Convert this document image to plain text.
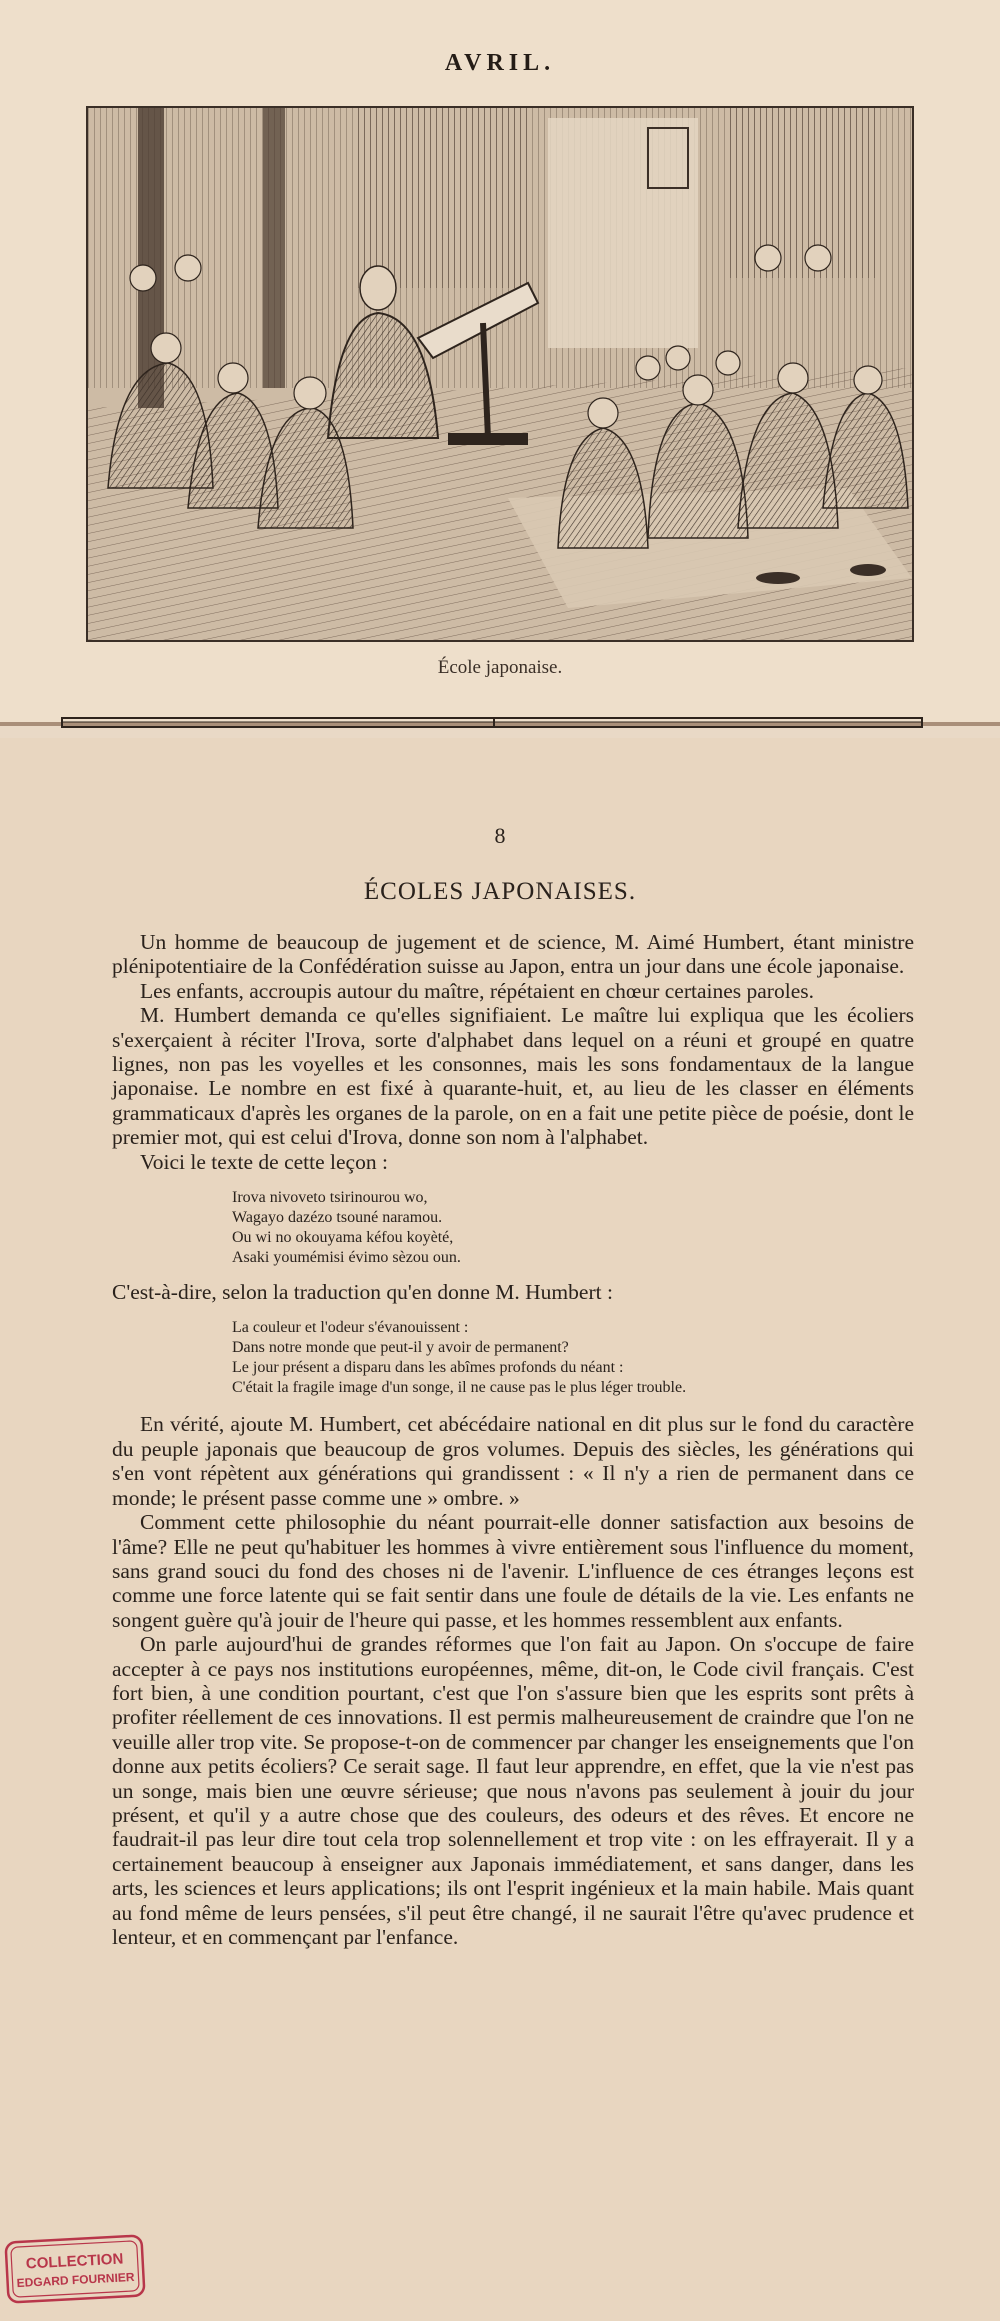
AVRIL.
École japonaise.
8
ÉCOLES JAPONAISES.

Un homme de beaucoup de jugement et de science, M. Aimé Humbert, étant ministre plénipotentiaire de la Confédération suisse au Japon, entra un jour dans une école japonaise.

Les enfants, accroupis autour du maître, répétaient en chœur certaines paroles.

M. Humbert demanda ce qu'elles signifiaient. Le maître lui expliqua que les écoliers s'exerçaient à réciter l'Irova, sorte d'alphabet dans lequel on a réuni et groupé en quatre lignes, non pas les voyelles et les consonnes, mais les sons fondamentaux de la langue japonaise. Le nombre en est fixé à quarante-huit, et, au lieu de les classer en éléments grammaticaux d'après les organes de la parole, on en a fait une petite pièce de poésie, dont le premier mot, qui est celui d'Irova, donne son nom à l'alphabet.

Voici le texte de cette leçon :

Irova nivoveto tsirinourou wo,
Wagayo dazézo tsouné naramou.
Ou wi no okouyama kéfou koyèté,
Asaki youmémisi évimo sèzou oun.

C'est-à-dire, selon la traduction qu'en donne M. Humbert :

La couleur et l'odeur s'évanouissent :
Dans notre monde que peut-il y avoir de permanent?
Le jour présent a disparu dans les abîmes profonds du néant :
C'était la fragile image d'un songe, il ne cause pas le plus léger trouble.

En vérité, ajoute M. Humbert, cet abécédaire national en dit plus sur le fond du caractère du peuple japonais que beaucoup de gros volumes. Depuis des siècles, les générations qui s'en vont répètent aux générations qui grandissent : « Il n'y a rien de permanent dans ce monde; le présent passe comme une » ombre. »

Comment cette philosophie du néant pourrait-elle donner satisfaction aux besoins de l'âme? Elle ne peut qu'habituer les hommes à vivre entièrement sous l'influence du moment, sans grand souci du fond des choses ni de l'avenir. L'influence de ces étranges leçons est comme une force latente qui se fait sentir dans une foule de détails de la vie. Les enfants ne songent guère qu'à jouir de l'heure qui passe, et les hommes ressemblent aux enfants.

On parle aujourd'hui de grandes réformes que l'on fait au Japon. On s'occupe de faire accepter à ce pays nos institutions européennes, même, dit-on, le Code civil français. C'est fort bien, à une condition pourtant, c'est que l'on s'assure bien que les esprits sont prêts à profiter réellement de ces innovations. Il est permis malheureusement de craindre que l'on ne veuille aller trop vite. Se propose-t-on de commencer par changer les enseignements que l'on donne aux petits écoliers? Ce serait sage. Il faut leur apprendre, en effet, que la vie n'est pas un songe, mais bien une œuvre sérieuse; que nous n'avons pas seulement à jouir du jour présent, et qu'il y a autre chose que des couleurs, des odeurs et des rêves. Et encore ne faudrait-il pas leur dire tout cela trop solennellement et trop vite : on les effrayerait. Il y a certainement beaucoup à enseigner aux Japonais immédiatement, et sans danger, dans les arts, les sciences et leurs applications; ils ont l'esprit ingénieux et la main habile. Mais quant au fond même de leurs pensées, s'il peut être changé, il ne saurait l'être qu'avec prudence et lenteur, et en commençant par l'enfance.

COLLECTION
EDGARD FOURNIER
